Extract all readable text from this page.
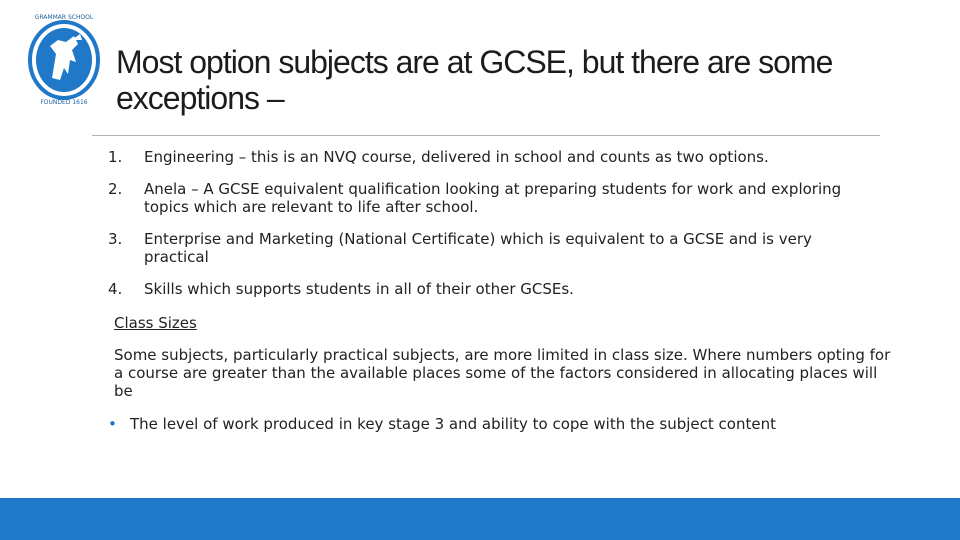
GRAMMAR SCHOOL
FOUNDED 1616
Most option subjects are at GCSE, but there are some exceptions –
1.	Engineering – this is an NVQ course, delivered in school and counts as two options.
2.	Anela – A GCSE equivalent qualification looking at preparing students for work and exploring topics which are relevant to life after school.
3.	Enterprise and Marketing (National Certificate) which is equivalent to a GCSE and is very practical
4.	Skills which supports students in all of their other GCSEs.
Class Sizes

Some subjects, particularly practical subjects, are more limited in class size. Where numbers opting for a course are greater than the available places some of the factors considered in allocating places will be

• The level of work produced in key stage 3 and ability to cope with the subject content
